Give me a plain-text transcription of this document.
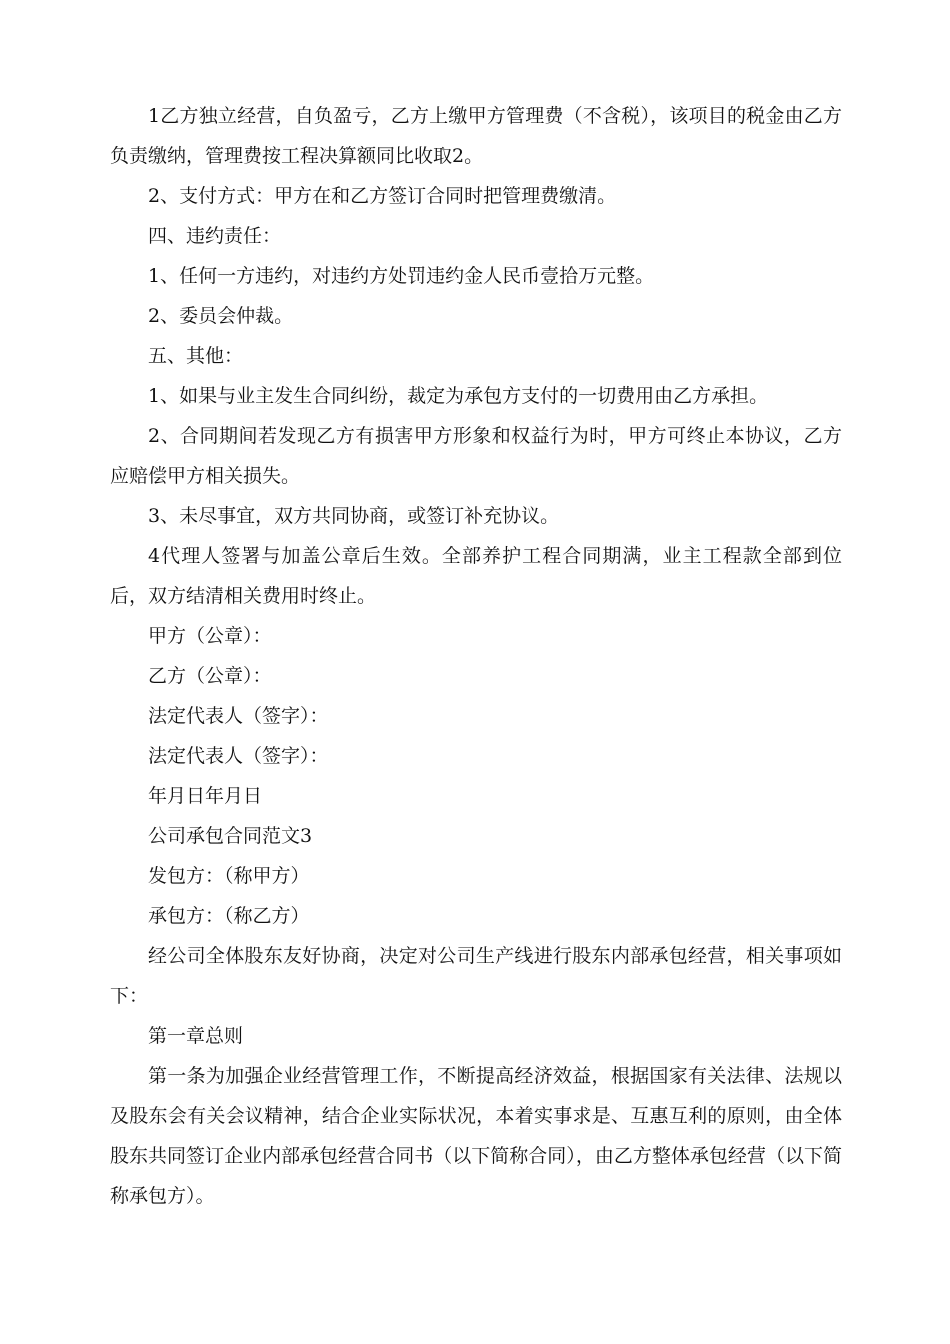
1乙方独立经营，自负盈亏，乙方上缴甲方管理费（不含税），该项目的税金由乙方负责缴纳，管理费按工程决算额同比收取2。

2、支付方式：甲方在和乙方签订合同时把管理费缴清。

四、违约责任：

1、任何一方违约，对违约方处罚违约金人民币壹拾万元整。

2、委员会仲裁。

五、其他：

1、如果与业主发生合同纠纷，裁定为承包方支付的一切费用由乙方承担。

2、合同期间若发现乙方有损害甲方形象和权益行为时，甲方可终止本协议，乙方应赔偿甲方相关损失。

3、未尽事宜，双方共同协商，或签订补充协议。

4代理人签署与加盖公章后生效。全部养护工程合同期满，业主工程款全部到位后，双方结清相关费用时终止。

甲方（公章）：

乙方（公章）：

法定代表人（签字）：

法定代表人（签字）：

年月日年月日

公司承包合同范文3

发包方：（称甲方）

承包方：（称乙方）

经公司全体股东友好协商，决定对公司生产线进行股东内部承包经营，相关事项如下：

第一章总则

第一条为加强企业经营管理工作，不断提高经济效益，根据国家有关法律、法规以及股东会有关会议精神，结合企业实际状况，本着实事求是、互惠互利的原则，由全体股东共同签订企业内部承包经营合同书（以下简称合同），由乙方整体承包经营（以下简称承包方）。
